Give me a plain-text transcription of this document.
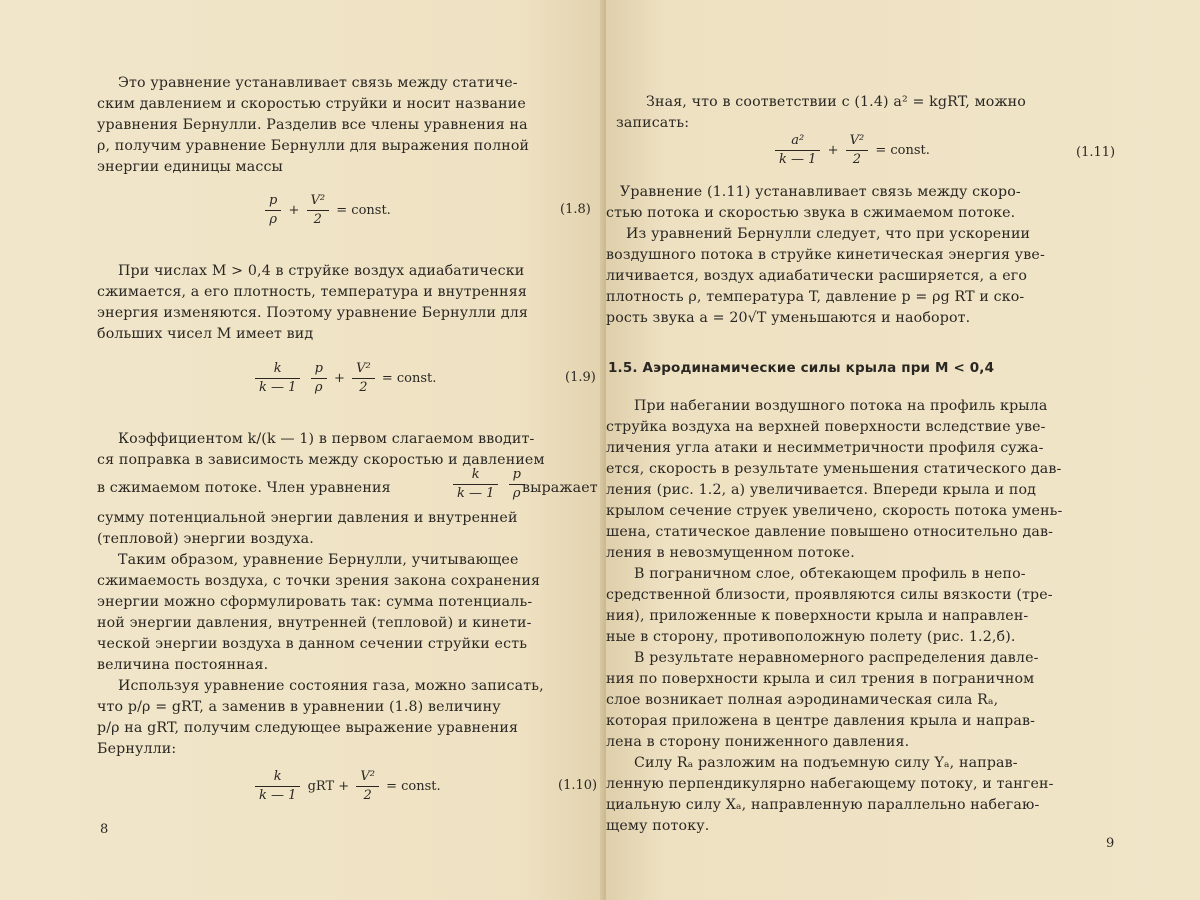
Это уравнение устанавливает связь между статиче-
ским давлением и скоростью струйки и носит название
уравнения Бернулли. Разделив все члены уравнения на
ρ, получим уравнение Бернулли для выражения полной
энергии единицы массы
$\frac{p}{\rho} + \frac{\text{V²}}{2}$ = const.	(1.8)
При числах M > 0,4 в струйке воздух адиабатически
сжимается, а его плотность, температура и внутренняя
энергия изменяются. Поэтому уравнение Бернулли для
больших чисел M имеет вид
$\frac{k}{k — 1}$
$\frac{p}{\rho} + \frac{\text{V²}}{2}$ = const.	(1.9)
Коэффициентом k/(k — 1) в первом слагаемом вводит-
ся поправка в зависимость между скоростью и давлением
в сжимаемом потоке. Член уравнения	$\frac{k}{k — 1}$
$\frac{p}{\rho}$
выражает
сумму потенциальной энергии давления и внутренней
(тепловой) энергии воздуха.
Таким образом, уравнение Бернулли, учитывающее
сжимаемость воздуха, с точки зрения закона сохранения
энергии можно сформулировать так: сумма потенциаль-
ной энергии давления, внутренней (тепловой) и кинети-
ческой энергии воздуха в данном сечении струйки есть
величина постоянная.
Используя уравнение состояния газа, можно записать,
что p/ρ = gRT, а заменив в уравнении (1.8) величину
p/ρ на gRT, получим следующее выражение уравнения
Бернулли:
$\frac{k}{k — 1}$ gRT + $\frac{\text{V²}}{2}$ = const.	(1.10)
8
Зная, что в соответствии с (1.4) a² = kgRT, можно
записать:
$\frac{\text{a²}}{k — 1} + \frac{\text{V²}}{2}$ = const.	(1.11)
Уравнение (1.11) устанавливает связь между скоро-
стью потока и скоростью звука в сжимаемом потоке.
Из уравнений Бернулли следует, что при ускорении
воздушного потока в струйке кинетическая энергия уве-
личивается, воздух адиабатически расширяется, а его
плотность ρ, температура T, давление p = ρg RT и ско-
рость звука a = 20√T уменьшаются и наоборот.
1.5. Аэродинамические силы крыла при M < 0,4
При набегании воздушного потока на профиль крыла
струйка воздуха на верхней поверхности вследствие уве-
личения угла атаки и несимметричности профиля сужа-
ется, скорость в результате уменьшения статического дав-
ления (рис. 1.2, a) увеличивается. Впереди крыла и под
крылом сечение струек увеличено, скорость потока умень-
шена, статическое давление повышено относительно дав-
ления в невозмущенном потоке.
В пограничном слое, обтекающем профиль в непо-
средственной близости, проявляются силы вязкости (тре-
ния), приложенные к поверхности крыла и направлен-
ные в сторону, противоположную полету (рис. 1.2,б).
В результате неравномерного распределения давле-
ния по поверхности крыла и сил трения в пограничном
слое возникает полная аэродинамическая сила Rₐ,
которая приложена в центре давления крыла и направ-
лена в сторону пониженного давления.
Силу Rₐ разложим на подъемную силу Yₐ, направ-
ленную перпендикулярно набегающему потоку, и танген-
циальную силу Xₐ, направленную параллельно набегаю-
щему потоку.
9
